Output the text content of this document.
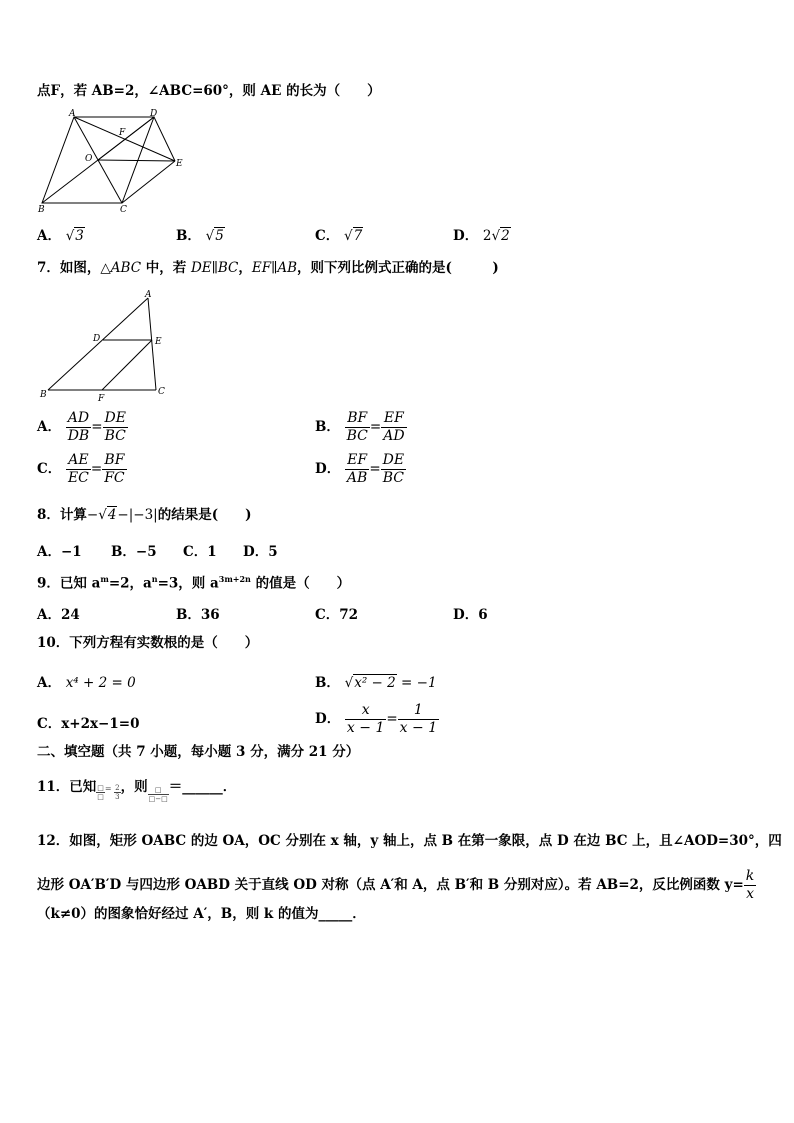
点F，若 AB=2，∠ABC=60°，则 AE 的长为（　　）
A	D
F
O	E
B	C
A． √3	B． √5	C． √7	D． 2√2
7．如图，△ABC 中，若 DE∥BC，EF∥AB，则下列比例式正确的是(　　　)
A
D	E
B	F
C
A． $\frac{AD}{DB} = \frac{DE}{BC}$	B． $\frac{BF}{BC} = \frac{EF}{AD}$
C． $\frac{AE}{EC} = \frac{BF}{FC}$	D． $\frac{EF}{AB} = \frac{DE}{BC}$
8．计算−√4−|−3|的结果是(　　)
A．−1 B．−5 C．1 D．5
9．已知 $a^m=2$，$a^n=3$，则 $a^{3m+2n}$ 的值是（　　）
A．24	B．36	C．72	D．6
10．下列方程有实数根的是（　　）
A． x⁴ + 2 = 0	B． √x² − 2 = −1
C．x+2x−1=0	D． $\frac{x}{x - 1} = \frac{1}{x - 1}$
二、填空题（共 7 小题，每小题 3 分，满分 21 分）
11．已知 $\frac{□}{□} = \frac{2}{3}$ ，则 $\frac{□}{□-□}$ ＝______．
12．如图，矩形 OABC 的边 OA，OC 分别在 x 轴，y 轴上，点 B 在第一象限，点 D 在边 BC 上，且∠AOD=30°，四
边形 OA′B′D 与四边形 OABD 关于直线 OD 对称（点 A′和 A，点 B′和 B 分别对应）。若 AB=2，反比例函数 $y= \frac{k}{x}$
（k≠0）的图象恰好经过 A′，B，则 k 的值为_____．
